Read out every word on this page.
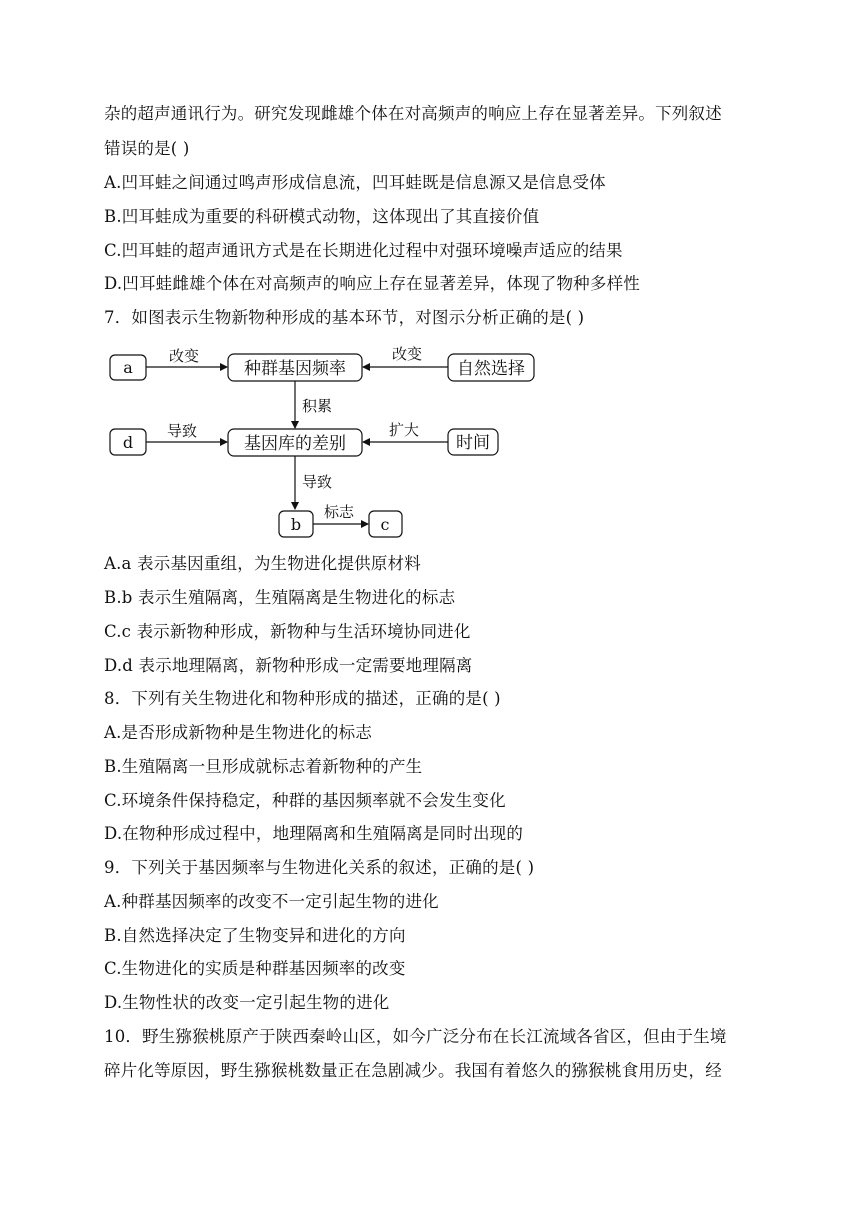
杂的超声通讯行为。研究发现雌雄个体在对高频声的响应上存在显著差异。下列叙述
错误的是( )
A.凹耳蛙之间通过鸣声形成信息流，凹耳蛙既是信息源又是信息受体
B.凹耳蛙成为重要的科研模式动物，这体现出了其直接价值
C.凹耳蛙的超声通讯方式是在长期进化过程中对强环境噪声适应的结果
D.凹耳蛙雌雄个体在对高频声的响应上存在显著差异，体现了物种多样性
7．如图表示生物新物种形成的基本环节，对图示分析正确的是( )
a	种群基因频率	自然选择
改变	改变
积累
d	基因库的差别	时间
导致	扩大
导致
b	c
标志
A.a 表示基因重组，为生物进化提供原材料
B.b 表示生殖隔离，生殖隔离是生物进化的标志
C.c 表示新物种形成，新物种与生活环境协同进化
D.d 表示地理隔离，新物种形成一定需要地理隔离
8．下列有关生物进化和物种形成的描述，正确的是( )
A.是否形成新物种是生物进化的标志
B.生殖隔离一旦形成就标志着新物种的产生
C.环境条件保持稳定，种群的基因频率就不会发生变化
D.在物种形成过程中，地理隔离和生殖隔离是同时出现的
9．下列关于基因频率与生物进化关系的叙述，正确的是( )
A.种群基因频率的改变不一定引起生物的进化
B.自然选择决定了生物变异和进化的方向
C.生物进化的实质是种群基因频率的改变
D.生物性状的改变一定引起生物的进化
10．野生猕猴桃原产于陕西秦岭山区，如今广泛分布在长江流域各省区，但由于生境
碎片化等原因，野生猕猴桃数量正在急剧减少。我国有着悠久的猕猴桃食用历史，经
